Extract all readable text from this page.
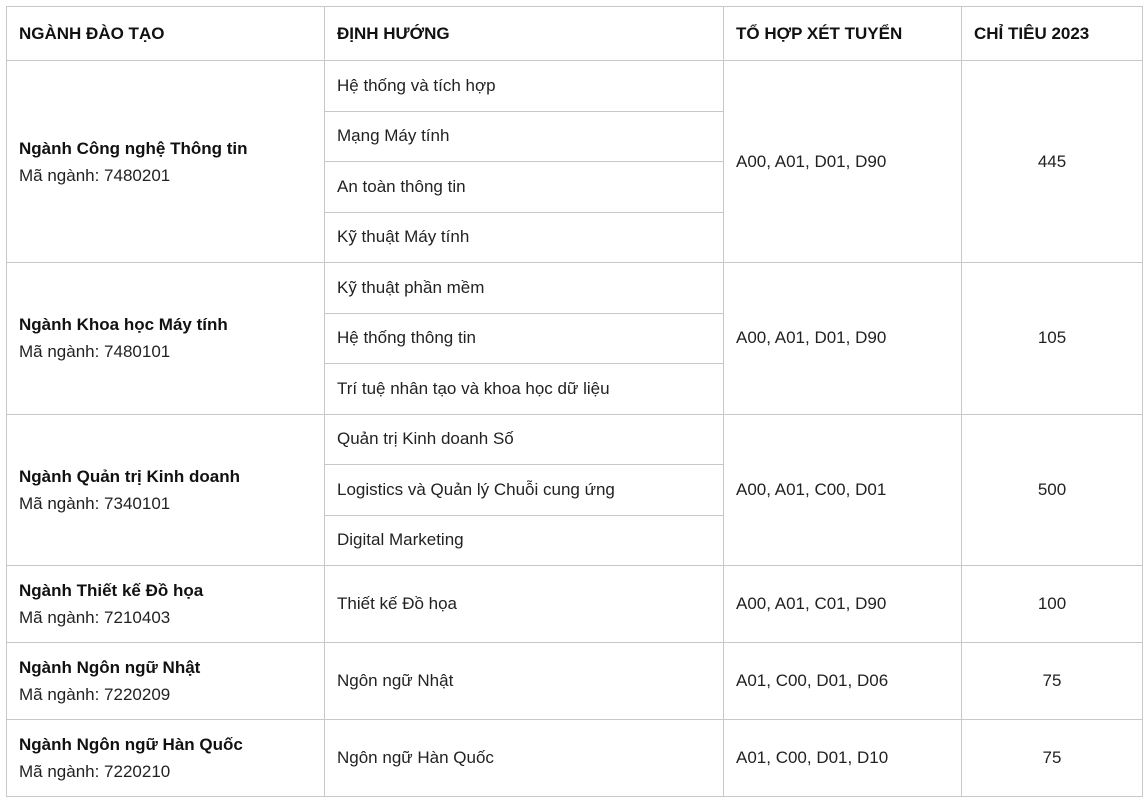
NGÀNH ĐÀO TẠO	ĐỊNH HƯỚNG	TỔ HỢP XÉT TUYỂN	CHỈ TIÊU 2023

Ngành Công nghệ Thông tin
Mã ngành: 7480201	Hệ thống và tích hợp	A00, A01, D01, D90	445
	Mạng Máy tính		
	An toàn thông tin		
	Kỹ thuật Máy tính		

Ngành Khoa học Máy tính
Mã ngành: 7480101	Kỹ thuật phần mềm	A00, A01, D01, D90	105
	Hệ thống thông tin		
	Trí tuệ nhân tạo và khoa học dữ liệu		

Ngành Quản trị Kinh doanh
Mã ngành: 7340101	Quản trị Kinh doanh Số	A00, A01, C00, D01	500
	Logistics và Quản lý Chuỗi cung ứng		
	Digital Marketing		

Ngành Thiết kế Đồ họa
Mã ngành: 7210403	Thiết kế Đồ họa	A00, A01, C01, D90	100

Ngành Ngôn ngữ Nhật
Mã ngành: 7220209	Ngôn ngữ Nhật	A01, C00, D01, D06	75

Ngành Ngôn ngữ Hàn Quốc
Mã ngành: 7220210	Ngôn ngữ Hàn Quốc	A01, C00, D01, D10	75
